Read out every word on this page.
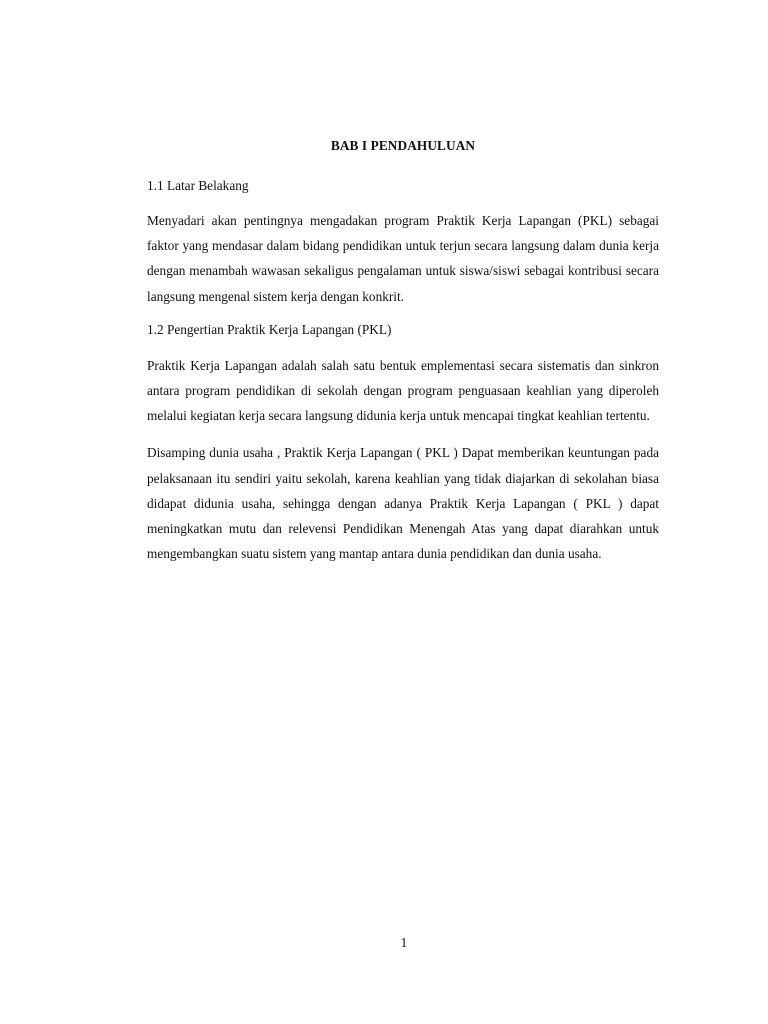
BAB I PENDAHULUAN
1.1 Latar Belakang

Menyadari akan pentingnya mengadakan program Praktik Kerja Lapangan (PKL) sebagai faktor yang mendasar dalam bidang pendidikan untuk terjun secara langsung dalam dunia kerja dengan menambah wawasan sekaligus pengalaman untuk siswa/siswi sebagai kontribusi secara langsung mengenal sistem kerja dengan konkrit.

1.2 Pengertian Praktik Kerja Lapangan (PKL)

Praktik Kerja Lapangan adalah salah satu bentuk emplementasi secara sistematis dan sinkron antara program pendidikan di sekolah dengan program penguasaan keahlian yang diperoleh melalui kegiatan kerja secara langsung didunia kerja untuk mencapai tingkat keahlian tertentu.

Disamping dunia usaha , Praktik Kerja Lapangan ( PKL ) Dapat memberikan keuntungan pada pelaksanaan itu sendiri yaitu sekolah, karena keahlian yang tidak diajarkan di sekolahan biasa didapat didunia usaha, sehingga dengan adanya Praktik Kerja Lapangan ( PKL ) dapat meningkatkan mutu dan relevensi Pendidikan Menengah Atas yang dapat diarahkan untuk mengembangkan suatu sistem yang mantap antara dunia pendidikan dan dunia usaha.

1
